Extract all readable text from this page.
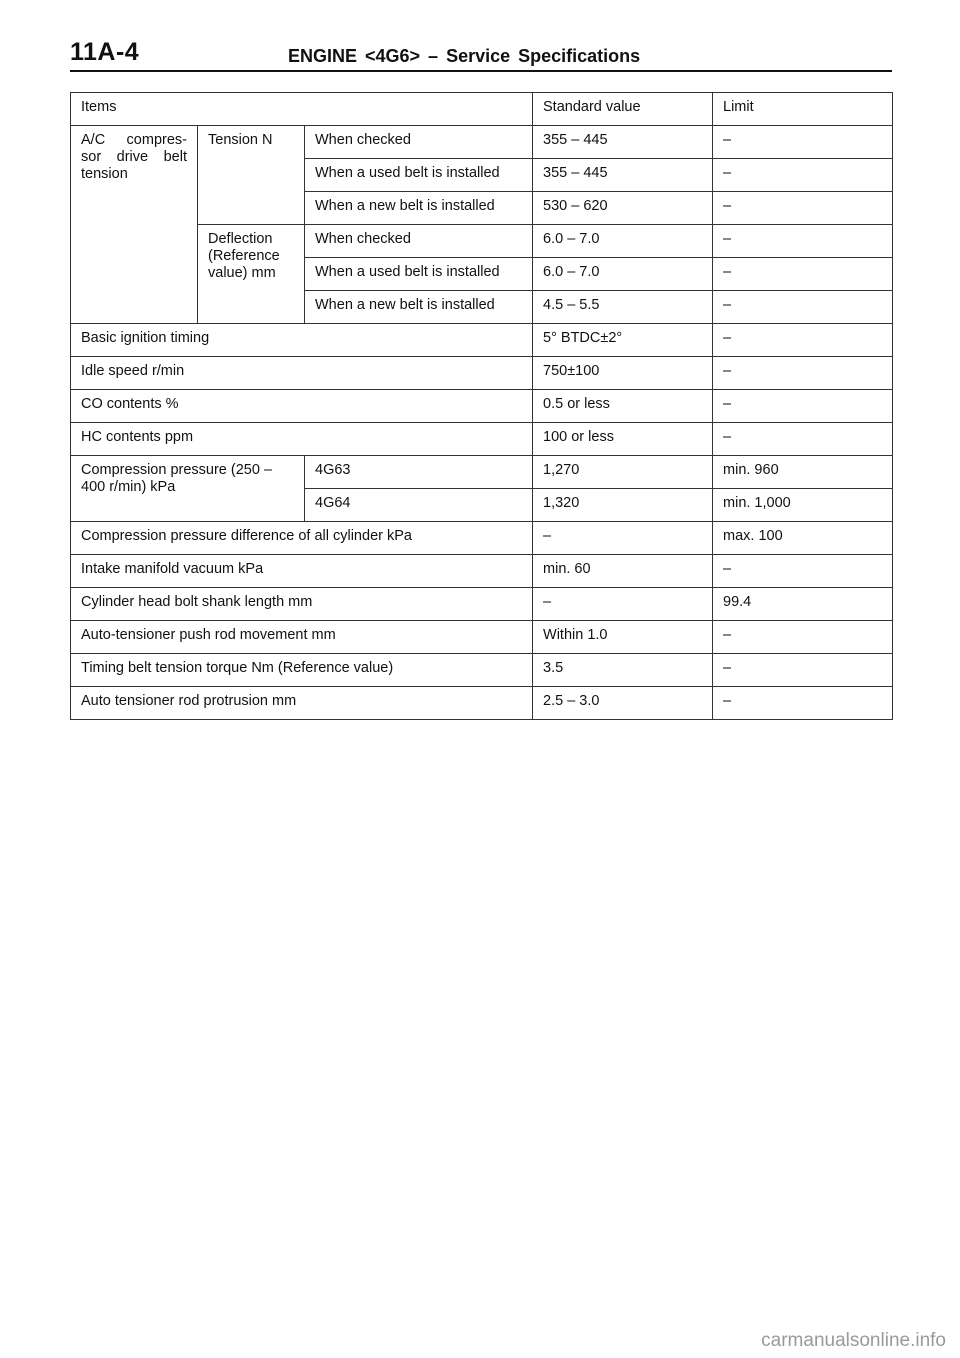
11A-4	ENGINE <4G6> – Service Specifications
Items			Standard value	Limit
A/C compres- sor drive belt tension	Tension N	When checked	355 – 445	–
		When a used belt is installed	355 – 445	–
		When a new belt is installed	530 – 620	–
	Deflection (Reference value) mm	When checked	6.0 – 7.0	–
		When a used belt is installed	6.0 – 7.0	–
		When a new belt is installed	4.5 – 5.5	–
Basic ignition timing			5° BTDC±2°	–
Idle speed r/min			750±100	–
CO contents %			0.5 or less	–
HC contents ppm			100 or less	–
Compression pressure (250 – 400 r/min) kPa		4G63	1,270	min. 960
		4G64	1,320	min. 1,000
Compression pressure difference of all cylinder kPa			–	max. 100
Intake manifold vacuum kPa			min. 60	–
Cylinder head bolt shank length mm			–	99.4
Auto-tensioner push rod movement mm			Within 1.0	–
Timing belt tension torque Nm (Reference value)			3.5	–
Auto tensioner rod protrusion mm			2.5 – 3.0	–
carmanualsonline.info
